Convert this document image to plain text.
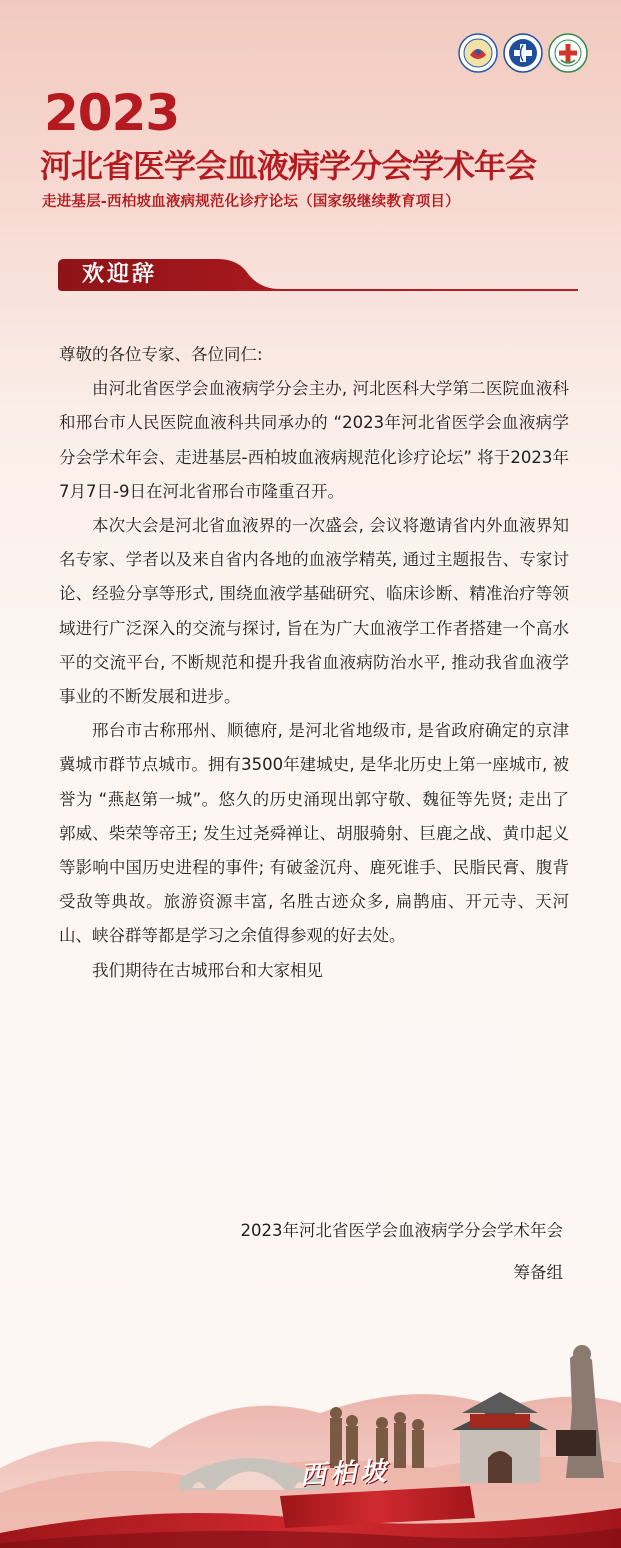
2023
河北省医学会血液病学分会学术年会
走进基层-西柏坡血液病规范化诊疗论坛（国家级继续教育项目）
欢迎辞

尊敬的各位专家、各位同仁:

由河北省医学会血液病学分会主办, 河北医科大学第二医院血液科和邢台市人民医院血液科共同承办的 “2023年河北省医学会血液病学分会学术年会、走进基层-西柏坡血液病规范化诊疗论坛” 将于2023年7月7日-9日在河北省邢台市隆重召开。

本次大会是河北省血液界的一次盛会, 会议将邀请省内外血液界知名专家、学者以及来自省内各地的血液学精英, 通过主题报告、专家讨论、经验分享等形式, 围绕血液学基础研究、临床诊断、精准治疗等领域进行广泛深入的交流与探讨, 旨在为广大血液学工作者搭建一个高水平的交流平台, 不断规范和提升我省血液病防治水平, 推动我省血液学事业的不断发展和进步。

邢台市古称邢州、顺德府, 是河北省地级市, 是省政府确定的京津冀城市群节点城市。拥有3500年建城史, 是华北历史上第一座城市, 被誉为 “燕赵第一城”。悠久的历史涌现出郭守敬、魏征等先贤; 走出了郭威、柴荣等帝王; 发生过尧舜禅让、胡服骑射、巨鹿之战、黄巾起义等影响中国历史进程的事件; 有破釜沉舟、鹿死谁手、民脂民膏、腹背受敌等典故。旅游资源丰富, 名胜古迹众多, 扁鹊庙、开元寺、天河山、峡谷群等都是学习之余值得参观的好去处。

我们期待在古城邢台和大家相见

2023年河北省医学会血液病学分会学术年会
筹备组
西柏坡
